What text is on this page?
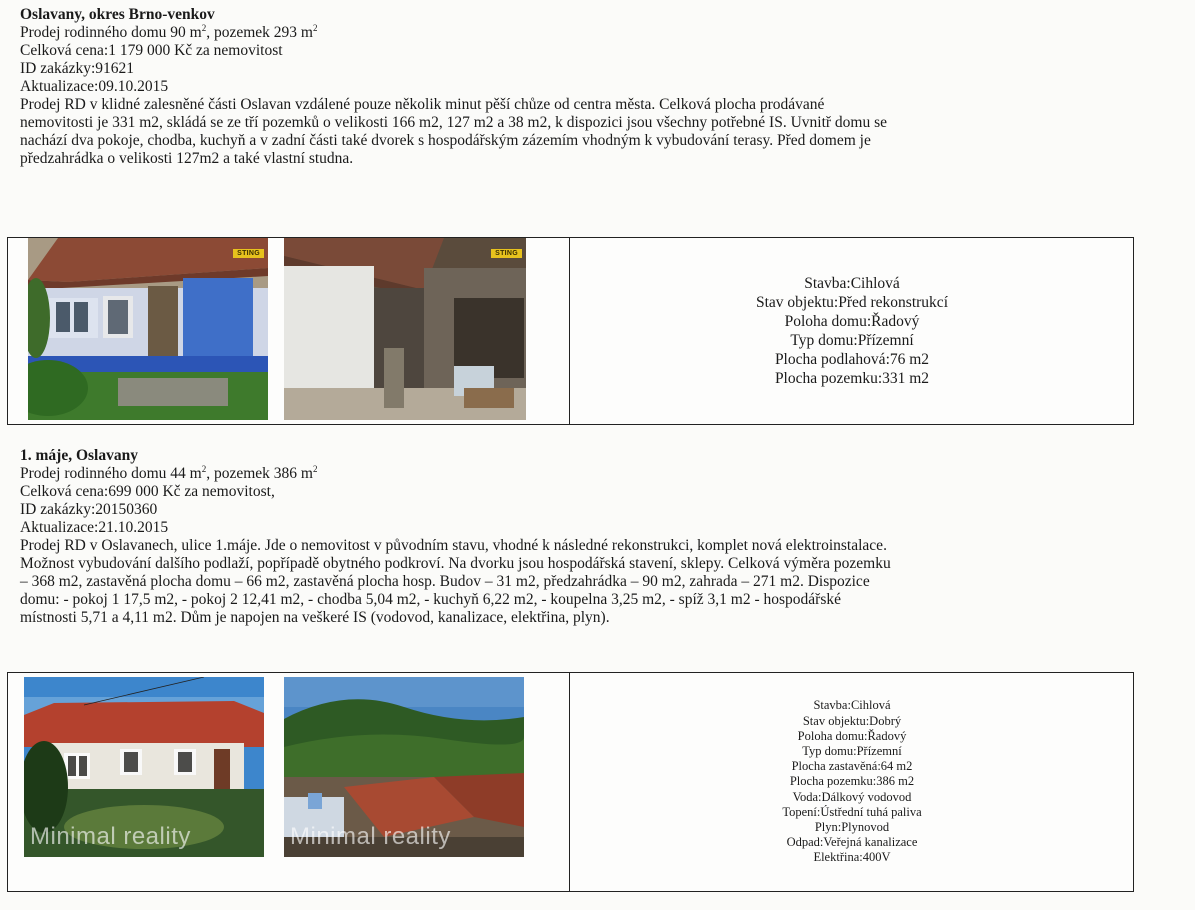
Oslavany, okres Brno-venkov
Prodej rodinného domu 90 $m^2$, pozemek 293 $m^2$
Celková cena:1 179 000 Kč za nemovitost
ID zakázky:91621
Aktualizace:09.10.2015
Prodej RD v klidné zalesněné části Oslavan vzdálené pouze několik minut pěší chůze od centra města. Celková plocha prodávané
nemovitosti je 331 m2, skládá se ze tří pozemků o velikosti 166 m2, 127 m2 a 38 m2, k dispozici jsou všechny potřebné IS. Uvnitř domu se
nachází dva pokoje, chodba, kuchyň a v zadní části také dvorek s hospodářským zázemím vhodným k vybudování terasy. Před domem je
předzahrádka o velikosti 127m2 a také vlastní studna.
STING	STING
Stavba:Cihlová
Stav objektu:Před rekonstrukcí
Poloha domu:Řadový
Typ domu:Přízemní
Plocha podlahová:76 m2
Plocha pozemku:331 m2
1. máje, Oslavany
Prodej rodinného domu 44 $m^2$, pozemek 386 $m^2$
Celková cena:699 000 Kč za nemovitost,
ID zakázky:20150360
Aktualizace:21.10.2015
Prodej RD v Oslavanech, ulice 1.máje. Jde o nemovitost v původním stavu, vhodné k následné rekonstrukci, komplet nová elektroinstalace.
Možnost vybudování dalšího podlaží, popřípadě obytného podkroví. Na dvorku jsou hospodářská stavení, sklepy. Celková výměra pozemku
– 368 m2, zastavěná plocha domu – 66 m2, zastavěná plocha hosp. Budov – 31 m2, předzahrádka – 90 m2, zahrada – 271 m2. Dispozice
domu: - pokoj 1 17,5 m2, - pokoj 2 12,41 m2, - chodba 5,04 m2, - kuchyň 6,22 m2, - koupelna 3,25 m2, - spíž 3,1 m2 - hospodářské
místnosti 5,71 a 4,11 m2. Dům je napojen na veškeré IS (vodovod, kanalizace, elektřina, plyn).
Minimal reality	Minimal reality
Stavba:Cihlová
Stav objektu:Dobrý
Poloha domu:Řadový
Typ domu:Přízemní
Plocha zastavěná:64 m2
Plocha pozemku:386 m2
Voda:Dálkový vodovod
Topení:Ústřední tuhá paliva
Plyn:Plynovod
Odpad:Veřejná kanalizace
Elektřina:400V
